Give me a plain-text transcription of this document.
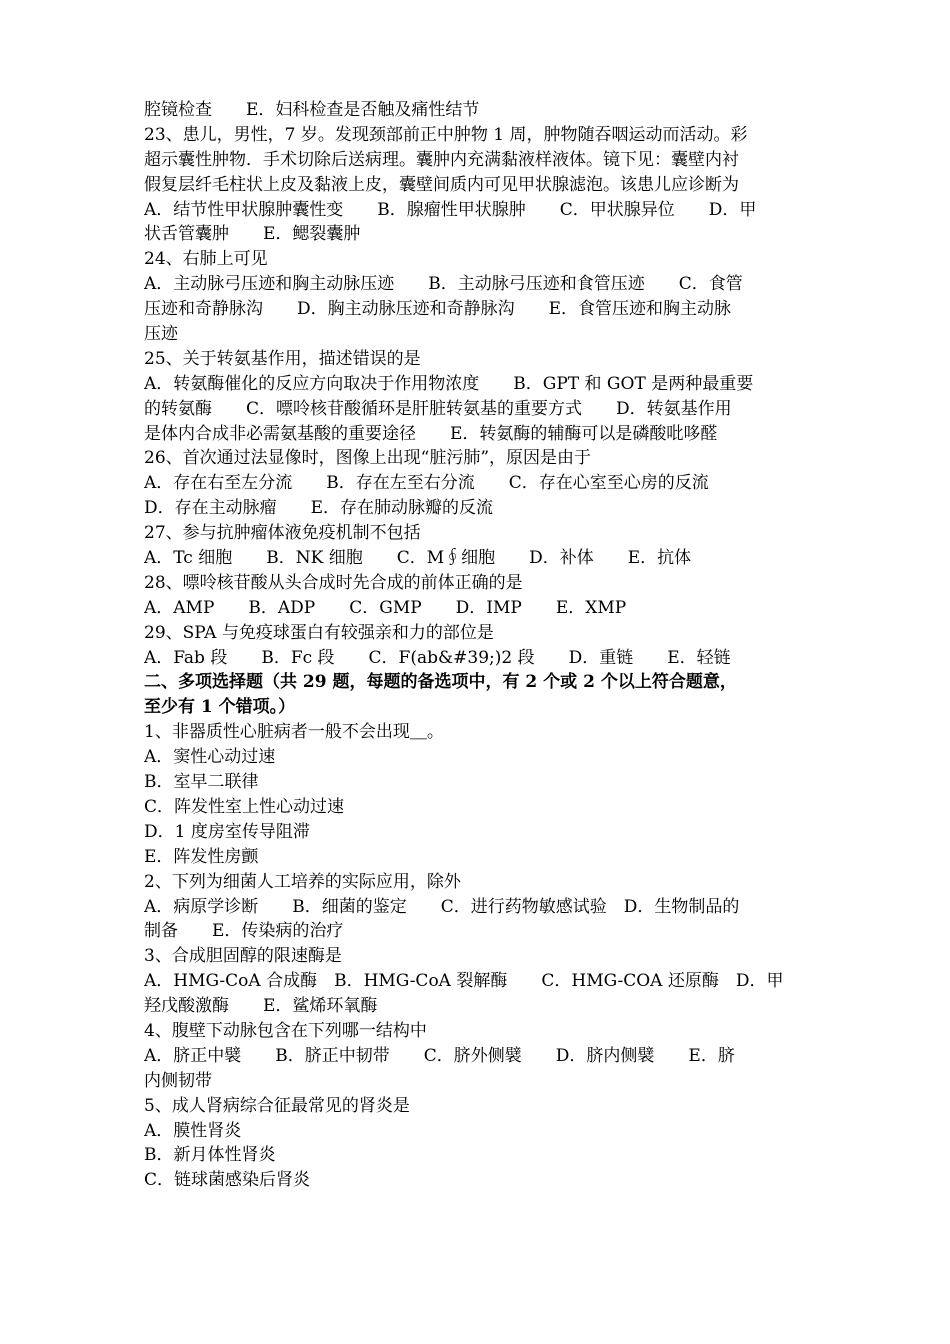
腔镜检查　　E．妇科检查是否触及痛性结节
23、患儿，男性，7 岁。发现颈部前正中肿物 1 周，肿物随吞咽运动而活动。彩
超示囊性肿物．手术切除后送病理。囊肿内充满黏液样液体。镜下见：囊壁内衬
假复层纤毛柱状上皮及黏液上皮，囊壁间质内可见甲状腺滤泡。该患儿应诊断为
A．结节性甲状腺肿囊性变　　B．腺瘤性甲状腺肿　　C．甲状腺异位　　D．甲
状舌管囊肿　　E．鳃裂囊肿
24、右肺上可见
A．主动脉弓压迹和胸主动脉压迹　　B．主动脉弓压迹和食管压迹　　C．食管
压迹和奇静脉沟　　D．胸主动脉压迹和奇静脉沟　　E．食管压迹和胸主动脉
压迹
25、关于转氨基作用，描述错误的是
A．转氨酶催化的反应方向取决于作用物浓度　　B．GPT 和 GOT 是两种最重要
的转氨酶　　C．嘌呤核苷酸循环是肝脏转氨基的重要方式　　D．转氨基作用
是体内合成非必需氨基酸的重要途径　　E．转氨酶的辅酶可以是磷酸吡哆醛
26、首次通过法显像时，图像上出现“脏污肺”，原因是由于
A．存在右至左分流　　B．存在左至右分流　　C．存在心室至心房的反流
D．存在主动脉瘤　　E．存在肺动脉瓣的反流
27、参与抗肿瘤体液免疫机制不包括
A．Tc 细胞　　B．NK 细胞　　C．M∮细胞　　D．补体　　E．抗体
28、嘌呤核苷酸从头合成时先合成的前体正确的是
A．AMP　　B．ADP　　C．GMP　　D．IMP　　E．XMP
29、SPA 与免疫球蛋白有较强亲和力的部位是
A．Fab 段　　B．Fc 段　　C．F(ab&#39;)2 段　　D．重链　　E．轻链
二、多项选择题（共 29 题，每题的备选项中，有 2 个或 2 个以上符合题意，
至少有 1 个错项。）
1、非器质性心脏病者一般不会出现＿。
A．窦性心动过速
B．室早二联律
C．阵发性室上性心动过速
D．1 度房室传导阻滞
E．阵发性房颤
2、下列为细菌人工培养的实际应用，除外
A．病原学诊断　　B．细菌的鉴定　　C．进行药物敏感试验　D．生物制品的
制备　　E．传染病的治疗
3、合成胆固醇的限速酶是
A．HMG-CoA 合成酶　B．HMG-CoA 裂解酶　　C．HMG-COA 还原酶　D．甲
羟戊酸激酶　　E．鲨烯环氧酶
4、腹壁下动脉包含在下列哪一结构中
A．脐正中襞　　B．脐正中韧带　　C．脐外侧襞　　D．脐内侧襞　　E．脐
内侧韧带
5、成人肾病综合征最常见的肾炎是
A．膜性肾炎
B．新月体性肾炎
C．链球菌感染后肾炎
